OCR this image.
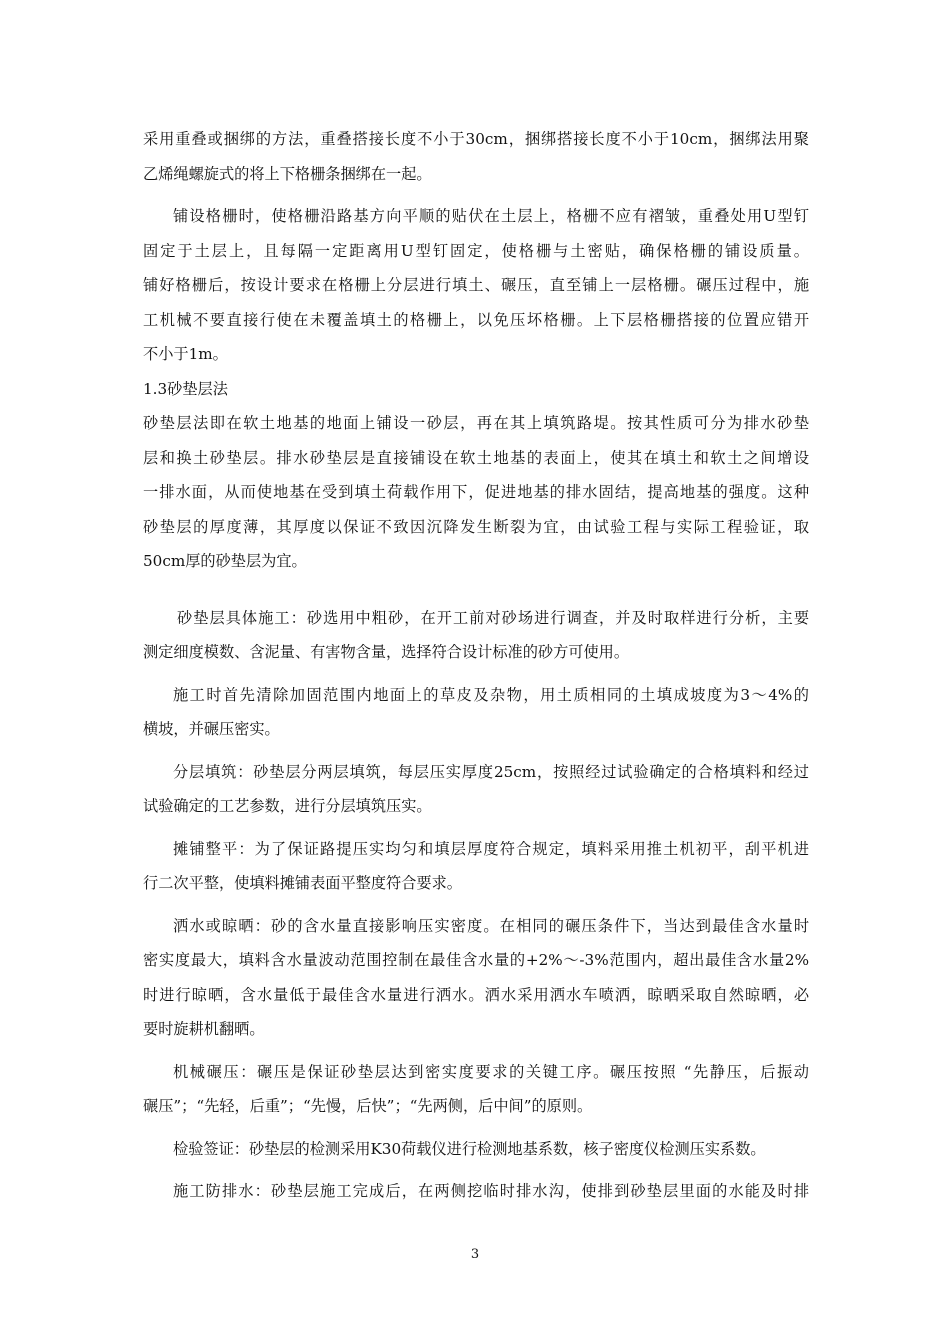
采用重叠或捆绑的方法，重叠搭接长度不小于30cm，捆绑搭接长度不小于10cm，捆绑法用聚
乙烯绳螺旋式的将上下格栅条捆绑在一起。
铺设格栅时，使格栅沿路基方向平顺的贴伏在土层上，格栅不应有褶皱，重叠处用U型钉
固定于土层上，且每隔一定距离用U型钉固定，使格栅与土密贴，确保格栅的铺设质量。
铺好格栅后，按设计要求在格栅上分层进行填土、碾压，直至铺上一层格栅。碾压过程中，施
工机械不要直接行使在未覆盖填土的格栅上，以免压坏格栅。上下层格栅搭接的位置应错开
不小于1m。
1.3砂垫层法
砂垫层法即在软土地基的地面上铺设一砂层，再在其上填筑路堤。按其性质可分为排水砂垫
层和换土砂垫层。排水砂垫层是直接铺设在软土地基的表面上，使其在填土和软土之间增设
一排水面，从而使地基在受到填土荷载作用下，促进地基的排水固结，提高地基的强度。这种
砂垫层的厚度薄，其厚度以保证不致因沉降发生断裂为宜，由试验工程与实际工程验证，取
50cm厚的砂垫层为宜。
砂垫层具体施工：砂选用中粗砂，在开工前对砂场进行调查，并及时取样进行分析，主要
测定细度模数、含泥量、有害物含量，选择符合设计标准的砂方可使用。
施工时首先清除加固范围内地面上的草皮及杂物，用土质相同的土填成坡度为3～4%的
横坡，并碾压密实。
分层填筑：砂垫层分两层填筑，每层压实厚度25cm，按照经过试验确定的合格填料和经过
试验确定的工艺参数，进行分层填筑压实。
摊铺整平：为了保证路提压实均匀和填层厚度符合规定，填料采用推土机初平，刮平机进
行二次平整，使填料摊铺表面平整度符合要求。
洒水或晾晒：砂的含水量直接影响压实密度。在相同的碾压条件下，当达到最佳含水量时
密实度最大，填料含水量波动范围控制在最佳含水量的+2%～-3%范围内，超出最佳含水量2%
时进行晾晒，含水量低于最佳含水量进行洒水。洒水采用洒水车喷洒，晾晒采取自然晾晒，必
要时旋耕机翻晒。
机械碾压：碾压是保证砂垫层达到密实度要求的关键工序。碾压按照 “先静压，后振动
碾压”；“先轻，后重”；“先慢，后快”；“先两侧，后中间”的原则。
检验签证：砂垫层的检测采用K30荷载仪进行检测地基系数，核子密度仪检测压实系数。
施工防排水：砂垫层施工完成后，在两侧挖临时排水沟，使排到砂垫层里面的水能及时排
3
